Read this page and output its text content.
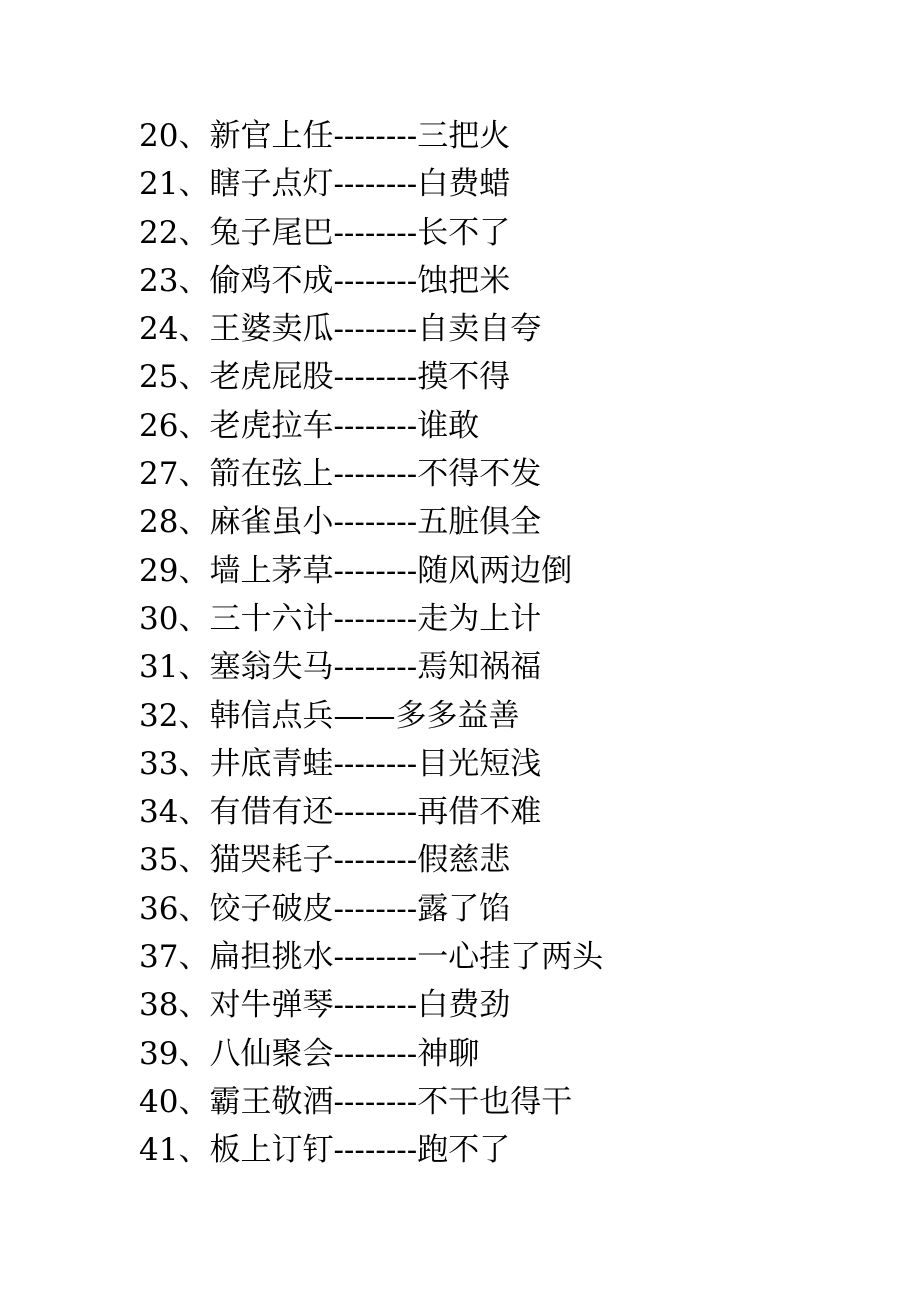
20、新官上任--------三把火
21、瞎子点灯--------白费蜡
22、兔子尾巴--------长不了
23、偷鸡不成--------蚀把米
24、王婆卖瓜--------自卖自夸
25、老虎屁股--------摸不得
26、老虎拉车--------谁敢
27、箭在弦上--------不得不发
28、麻雀虽小--------五脏俱全
29、墙上茅草--------随风两边倒
30、三十六计--------走为上计
31、塞翁失马--------焉知祸福
32、韩信点兵——多多益善
33、井底青蛙--------目光短浅
34、有借有还--------再借不难
35、猫哭耗子--------假慈悲
36、饺子破皮--------露了馅
37、扁担挑水--------一心挂了两头
38、对牛弹琴--------白费劲
39、八仙聚会--------神聊
40、霸王敬酒--------不干也得干
41、板上订钉--------跑不了
